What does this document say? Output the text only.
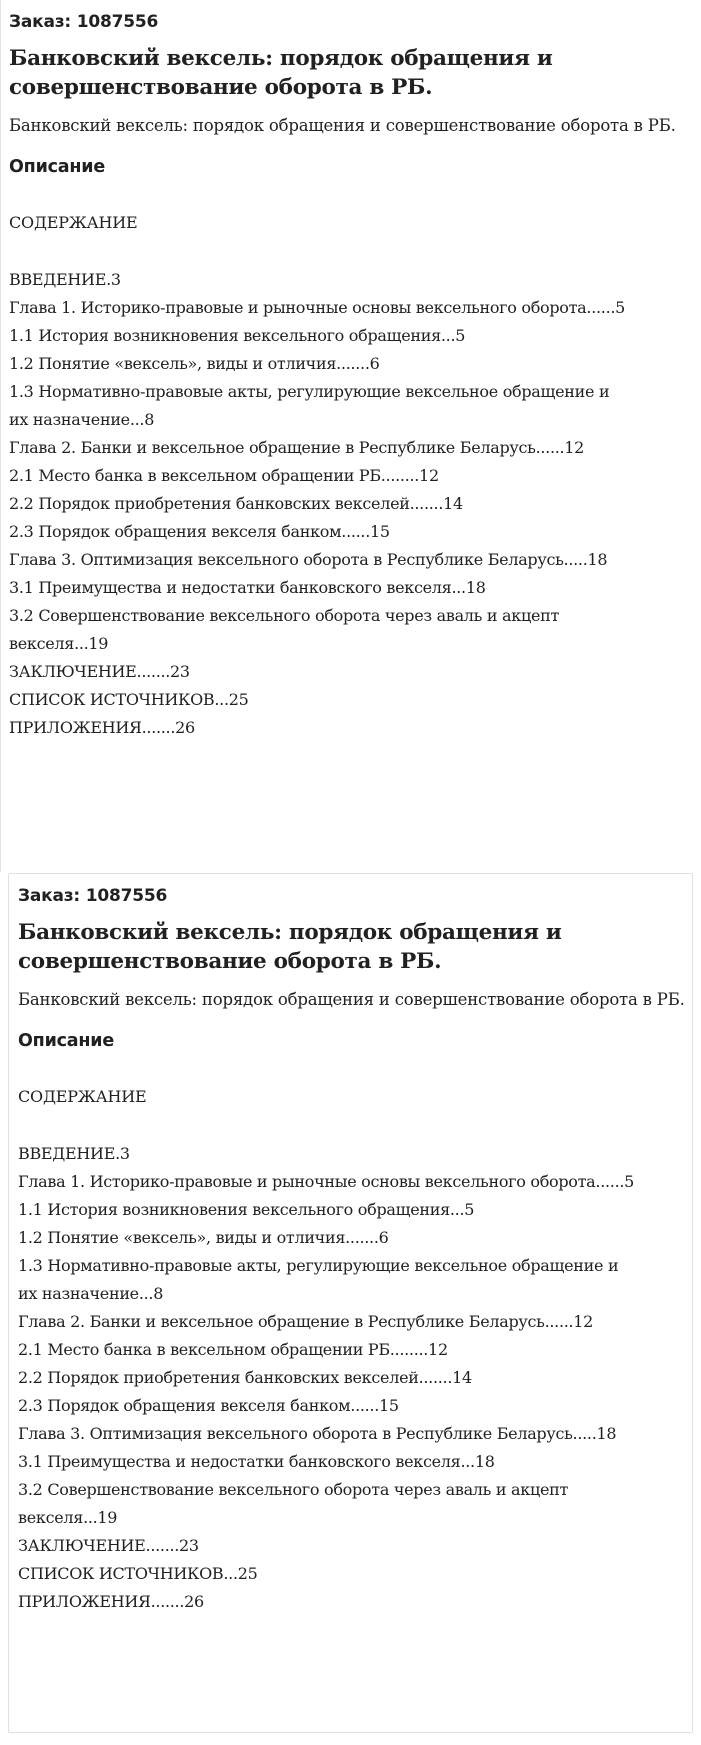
Заказ: 1087556
Банковский вексель: порядок обращения и совершенствование оборота в РБ.
Банковский вексель: порядок обращения и совершенствование оборота в РБ.
Описание
СОДЕРЖАНИЕ
ВВЕДЕНИЕ.3
Глава 1. Историко-правовые и рыночные основы вексельного оборота......5
1.1 История возникновения вексельного обращения...5
1.2 Понятие «вексель», виды и отличия.......6
1.3 Нормативно-правовые акты, регулирующие вексельное обращение и их назначение...8
Глава 2. Банки и вексельное обращение в Республике Беларусь......12
2.1 Место банка в вексельном обращении РБ........12
2.2 Порядок приобретения банковских векселей.......14
2.3 Порядок обращения векселя банком......15
Глава 3. Оптимизация вексельного оборота в Республике Беларусь.....18
3.1 Преимущества и недостатки банковского векселя...18
3.2 Совершенствование вексельного оборота через аваль и акцепт векселя...19
ЗАКЛЮЧЕНИЕ.......23
СПИСОК ИСТОЧНИКОВ...25
ПРИЛОЖЕНИЯ.......26
Заказ: 1087556
Банковский вексель: порядок обращения и совершенствование оборота в РБ.
Банковский вексель: порядок обращения и совершенствование оборота в РБ.
Описание
СОДЕРЖАНИЕ
ВВЕДЕНИЕ.3
Глава 1. Историко-правовые и рыночные основы вексельного оборота......5
1.1 История возникновения вексельного обращения...5
1.2 Понятие «вексель», виды и отличия.......6
1.3 Нормативно-правовые акты, регулирующие вексельное обращение и их назначение...8
Глава 2. Банки и вексельное обращение в Республике Беларусь......12
2.1 Место банка в вексельном обращении РБ........12
2.2 Порядок приобретения банковских векселей.......14
2.3 Порядок обращения векселя банком......15
Глава 3. Оптимизация вексельного оборота в Республике Беларусь.....18
3.1 Преимущества и недостатки банковского векселя...18
3.2 Совершенствование вексельного оборота через аваль и акцепт векселя...19
ЗАКЛЮЧЕНИЕ.......23
СПИСОК ИСТОЧНИКОВ...25
ПРИЛОЖЕНИЯ.......26
